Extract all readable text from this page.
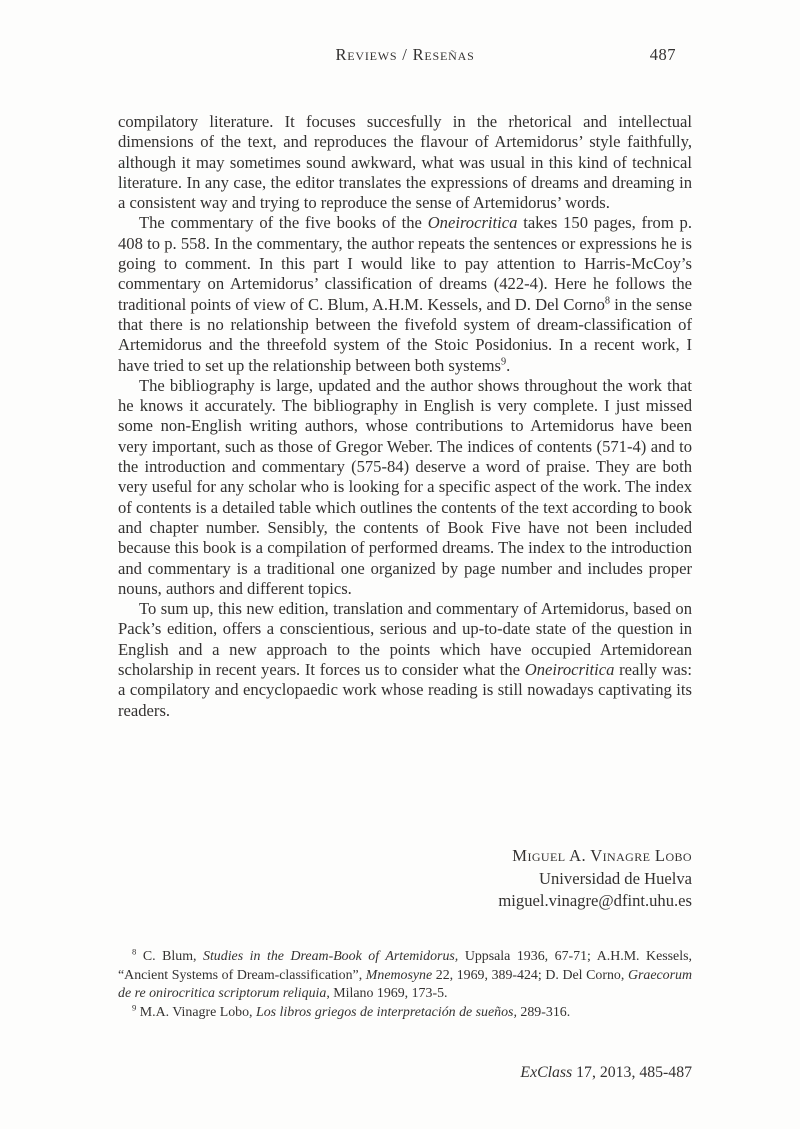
Reviews / Reseñas	487

compilatory literature. It focuses succesfully in the rhetorical and intellectual dimensions of the text, and reproduces the flavour of Artemidorus’ style faithfully, although it may sometimes sound awkward, what was usual in this kind of technical literature. In any case, the editor translates the expressions of dreams and dreaming in a consistent way and trying to reproduce the sense of Artemidorus’ words.

The commentary of the five books of the Oneirocritica takes 150 pages, from p. 408 to p. 558. In the commentary, the author repeats the sentences or expressions he is going to comment. In this part I would like to pay attention to Harris-McCoy’s commentary on Artemidorus’ classification of dreams (422-4). Here he follows the traditional points of view of C. Blum, A.H.M. Kessels, and D. Del Corno$^8$ in the sense that there is no relationship between the fivefold system of dream-classification of Artemidorus and the threefold system of the Stoic Posidonius. In a recent work, I have tried to set up the relationship between both systems$^9$.

The bibliography is large, updated and the author shows throughout the work that he knows it accurately. The bibliography in English is very complete. I just missed some non-English writing authors, whose contributions to Artemidorus have been very important, such as those of Gregor Weber. The indices of contents (571-4) and to the introduction and commentary (575-84) deserve a word of praise. They are both very useful for any scholar who is looking for a specific aspect of the work. The index of contents is a detailed table which outlines the contents of the text according to book and chapter number. Sensibly, the contents of Book Five have not been included because this book is a compilation of performed dreams. The index to the introduction and commentary is a traditional one organized by page number and includes proper nouns, authors and different topics.

To sum up, this new edition, translation and commentary of Artemidorus, based on Pack’s edition, offers a conscientious, serious and up-to-date state of the question in English and a new approach to the points which have occupied Artemidorean scholarship in recent years. It forces us to consider what the Oneirocritica really was: a compilatory and encyclopaedic work whose reading is still nowadays captivating its readers.

Miguel A. Vinagre Lobo
Universidad de Huelva
miguel.vinagre@dfint.uhu.es

$^8$ C. Blum, Studies in the Dream-Book of Artemidorus, Uppsala 1936, 67-71; A.H.M. Kessels, “Ancient Systems of Dream-classification”, Mnemosyne 22, 1969, 389-424; D. Del Corno, Graecorum de re onirocritica scriptorum reliquia, Milano 1969, 173-5.

$^9$ M.A. Vinagre Lobo, Los libros griegos de interpretación de sueños, 289-316.

ExClass 17, 2013, 485-487
